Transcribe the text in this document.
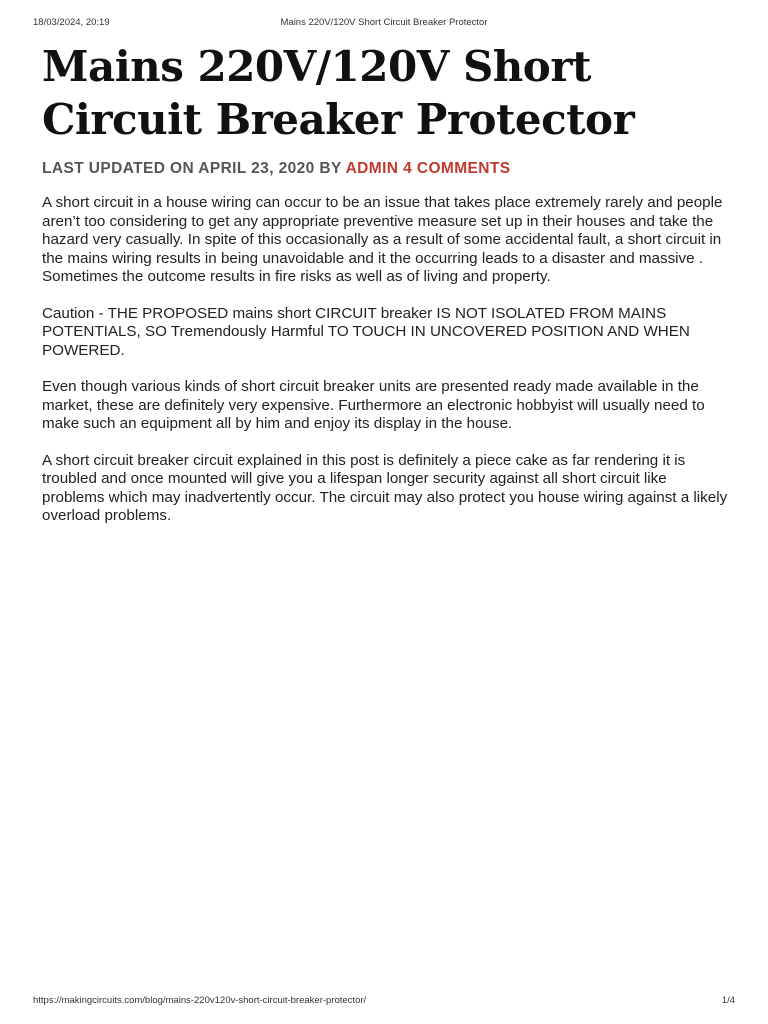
Mains 220V/120V Short Circuit Breaker Protector
18/03/2024, 20:19
Mains 220V/120V Short Circuit Breaker Protector
LAST UPDATED ON APRIL 23, 2020 BY ADMIN 4 COMMENTS

A short circuit in a house wiring can occur to be an issue that takes place extremely rarely and people aren’t too considering to get any appropriate preventive measure set up in their houses and take the hazard very casually. In spite of this occasionally as a result of some accidental fault, a short circuit in the mains wiring results in being unavoidable and it the occurring leads to a disaster and massive . Sometimes the outcome results in fire risks as well as of living and property.

Caution - THE PROPOSED mains short CIRCUIT breaker IS NOT ISOLATED FROM MAINS POTENTIALS, SO Tremendously Harmful TO TOUCH IN UNCOVERED POSITION AND WHEN POWERED.

Even though various kinds of short circuit breaker units are presented ready made available in the market, these are definitely very expensive. Furthermore an electronic hobbyist will usually need to make such an equipment all by him and enjoy its display in the house.

A short circuit breaker circuit explained in this post is definitely a piece cake as far rendering it is troubled and once mounted will give you a lifespan longer security against all short circuit like problems which may inadvertently occur. The circuit may also protect you house wiring against a likely overload problems.

https://makingcircuits.com/blog/mains-220v120v-short-circuit-breaker-protector/	1/4
